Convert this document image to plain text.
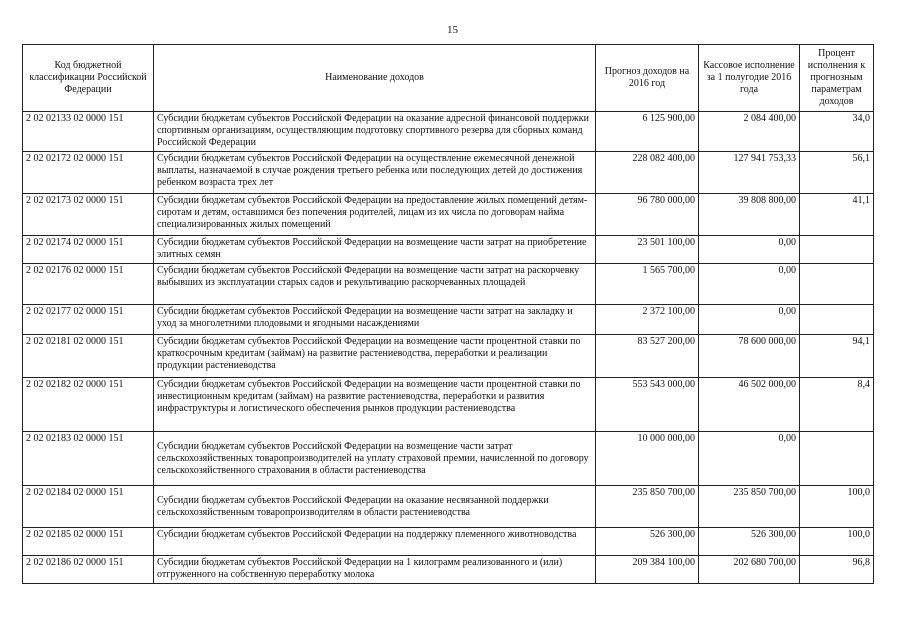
15
Код бюджетной классификации Российской Федерации	Наименование доходов	Прогноз доходов на 2016 год	Кассовое исполнение за 1 полугодие 2016 года	Процент исполнения к прогнозным параметрам доходов
2 02 02133 02 0000 151	Субсидии бюджетам субъектов Российской Федерации на оказание адресной финансовой поддержки спортивным организациям, осуществляющим подготовку спортивного резерва для сборных команд Российской Федерации	6 125 900,00	2 084 400,00	34,0
2 02 02172 02 0000 151	Субсидии бюджетам субъектов Российской Федерации на осуществление ежемесячной денежной выплаты, назначаемой в случае рождения третьего ребенка или последующих детей до достижения ребенком возраста трех лет	228 082 400,00	127 941 753,33	56,1
2 02 02173 02 0000 151	Субсидии бюджетам субъектов Российской Федерации на предоставление жилых помещений детям-сиротам и детям, оставшимся без попечения родителей, лицам из их числа по договорам найма специализированных жилых помещений	96 780 000,00	39 808 800,00	41,1
2 02 02174 02 0000 151	Субсидии бюджетам субъектов Российской Федерации на возмещение части затрат на приобретение элитных семян	23 501 100,00	0,00	
2 02 02176 02 0000 151	Субсидии бюджетам субъектов Российской Федерации на возмещение части затрат на раскорчевку выбывших из эксплуатации старых садов и рекультивацию раскорчеванных площадей	1 565 700,00	0,00	
2 02 02177 02 0000 151	Субсидии бюджетам субъектов Российской Федерации на возмещение части затрат на закладку и уход за многолетними плодовыми и ягодными насаждениями	2 372 100,00	0,00	
2 02 02181 02 0000 151	Субсидии бюджетам субъектов Российской Федерации на возмещение части процентной ставки по краткосрочным кредитам (займам) на развитие растениеводства, переработки и реализации продукции растениеводства	83 527 200,00	78 600 000,00	94,1
2 02 02182 02 0000 151	Субсидии бюджетам субъектов Российской Федерации на возмещение части процентной ставки по инвестиционным кредитам (займам) на развитие растениеводства, переработки и развития инфраструктуры и логистического обеспечения рынков продукции растениеводства	553 543 000,00	46 502 000,00	8,4
2 02 02183 02 0000 151	Субсидии бюджетам субъектов Российской Федерации на возмещение части затрат сельскохозяйственных товаропроизводителей на уплату страховой премии, начисленной по договору сельскохозяйственного страхования в области растениеводства	10 000 000,00	0,00	
2 02 02184 02 0000 151	Субсидии бюджетам субъектов Российской Федерации на оказание несвязанной поддержки сельскохозяйственным товаропроизводителям в области растениеводства	235 850 700,00	235 850 700,00	100,0
2 02 02185 02 0000 151	Субсидии бюджетам субъектов Российской Федерации на поддержку племенного животноводства	526 300,00	526 300,00	100,0
2 02 02186 02 0000 151	Субсидии бюджетам субъектов Российской Федерации на 1 килограмм реализованного и (или) отгруженного на собственную переработку молока	209 384 100,00	202 680 700,00	96,8
